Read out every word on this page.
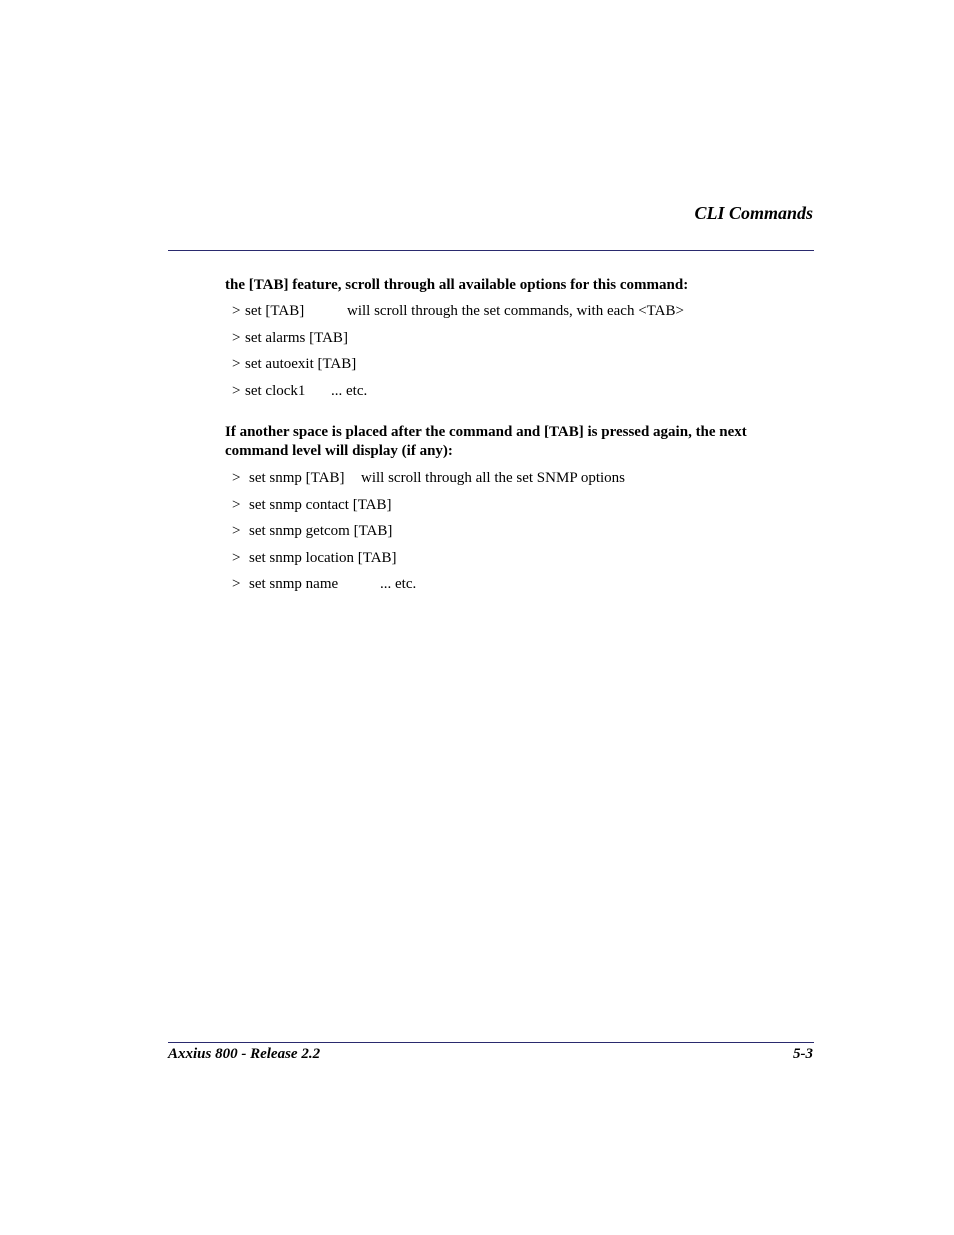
CLI Commands

the [TAB] feature, scroll through all available options for this command:

> set [TAB]	will scroll through the set commands, with each <TAB>
> set alarms [TAB]
> set autoexit [TAB]
> set clock1 ... etc.

If another space is placed after the command and [TAB] is pressed again, the next command level will display (if any):

> set snmp [TAB] will scroll through all the set SNMP options
> set snmp contact [TAB]
> set snmp getcom [TAB]
> set snmp location [TAB]
> set snmp name	... etc.
Axxius 800 - Release 2.2	5-3
